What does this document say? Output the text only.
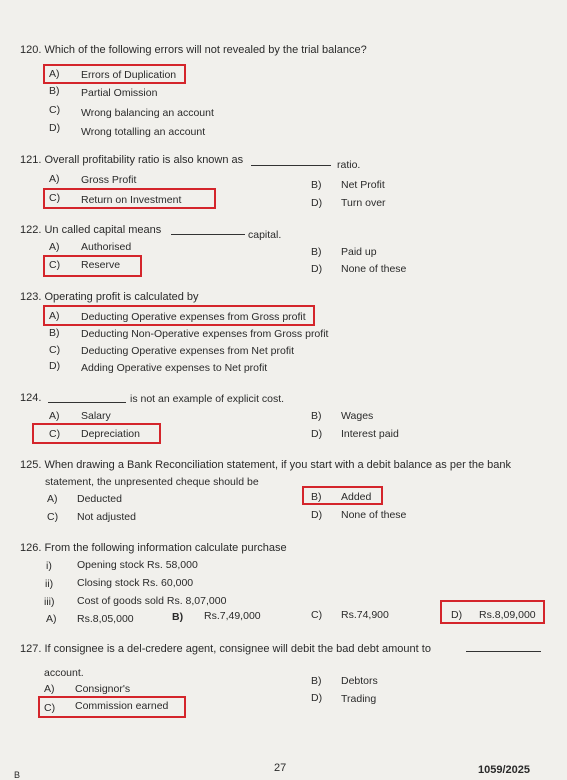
120. Which of the following errors will not revealed by the trial balance?
A) Errors of Duplication
B) Partial Omission
C) Wrong balancing an account
D) Wrong totalling an account
121. Overall profitability ratio is also known as	ratio.
A) Gross Profit	B) Net Profit
C) Return on Investment	D) Turn over
122. Un called capital means	capital.
A) Authorised	B) Paid up
C) Reserve	D) None of these
123. Operating profit is calculated by
A) Deducting Operative expenses from Gross profit
B) Deducting Non-Operative expenses from Gross profit
C) Deducting Operative expenses from Net profit
D) Adding Operative expenses to Net profit
124.	is not an example of explicit cost.
A) Salary	B) Wages
C) Depreciation	D) Interest paid
125. When drawing a Bank Reconciliation statement, if you start with a debit balance as per the bank
statement, the unpresented cheque should be
A) Deducted	B) Added
C) Not adjusted	D) None of these
126. From the following information calculate purchase
i) Opening stock Rs. 58,000
ii) Closing stock Rs. 60,000
iii) Cost of goods sold Rs. 8,07,000
A) Rs.8,05,000	B) Rs.7,49,000	C) Rs.74,900	D) Rs.8,09,000
127. If consignee is a del-credere agent, consignee will debit the bad debt amount to
account.
A) Consignor's
B) Debtors
C) Commission earned
D) Trading
27	1059/2025
B
